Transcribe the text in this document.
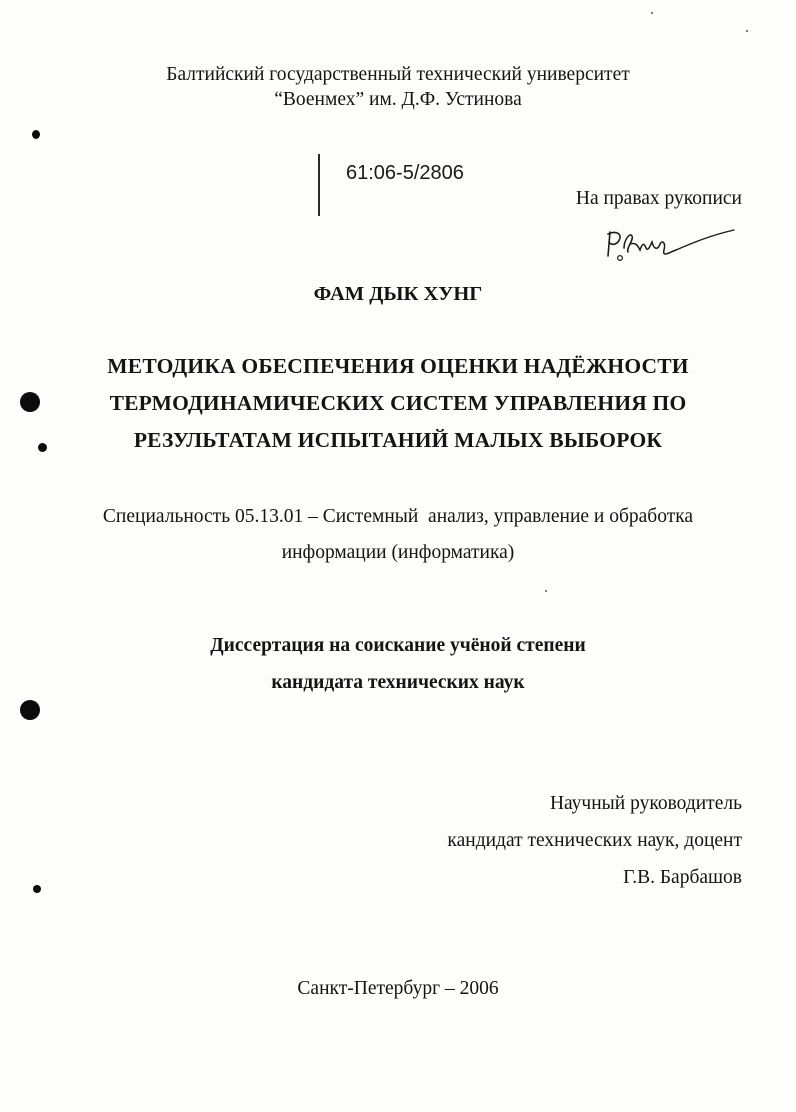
Балтийский государственный технический университет
“Военмех” им. Д.Ф. Устинова
61:06-5/2806
На правах рукописи
ФАМ ДЫК ХУНГ
МЕТОДИКА ОБЕСПЕЧЕНИЯ ОЦЕНКИ НАДЁЖНОСТИ
ТЕРМОДИНАМИЧЕСКИХ СИСТЕМ УПРАВЛЕНИЯ ПО
РЕЗУЛЬТАТАМ ИСПЫТАНИЙ МАЛЫХ ВЫБОРОК
Специальность 05.13.01 – Системный  анализ, управление и обработка
информации (информатика)
Диссертация на соискание учёной степени
кандидата технических наук
Научный руководитель
кандидат технических наук, доцент
Г.В. Барбашов
Санкт-Петербург – 2006
